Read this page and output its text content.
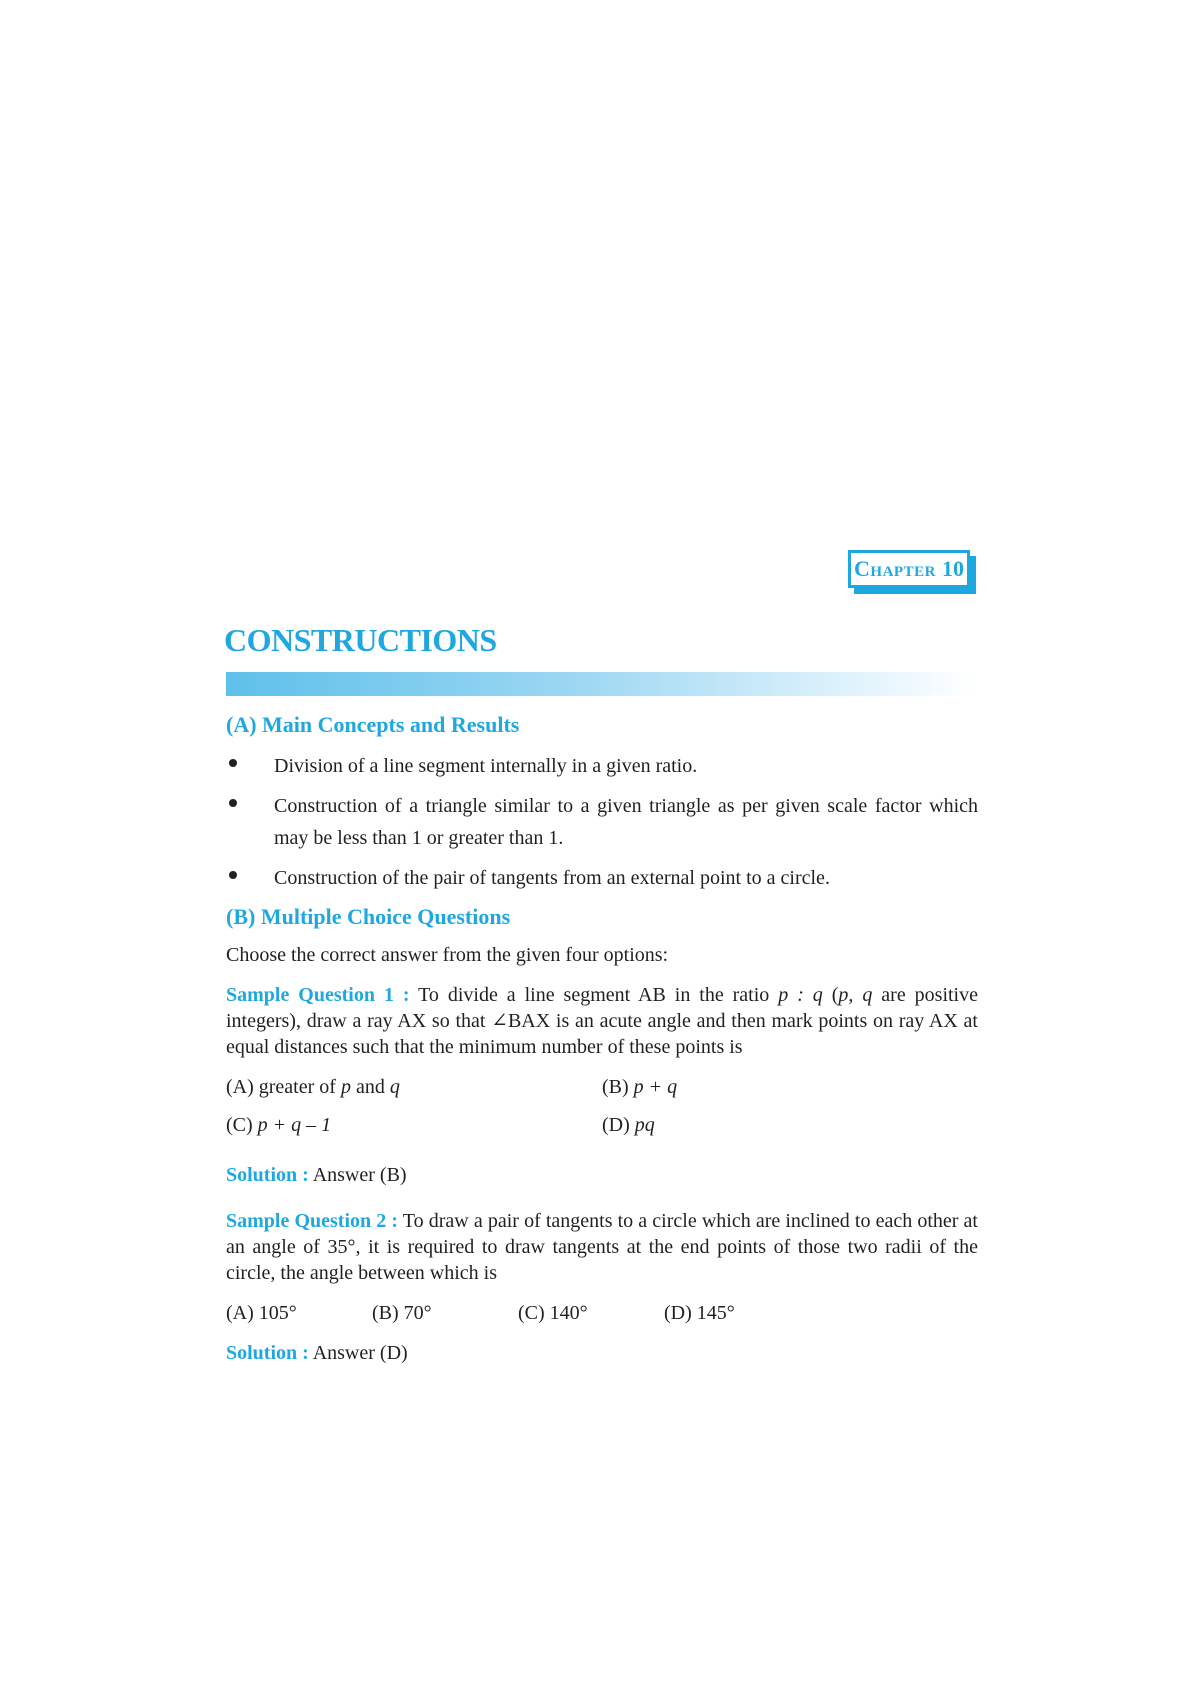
Chapter 10
CONSTRUCTIONS
(A) Main Concepts and Results
Division of a line segment internally in a given ratio.
Construction of a triangle similar to a given triangle as per given scale factor which may be less than 1 or greater than 1.
Construction of the pair of tangents from an external point to a circle.
(B) Multiple Choice Questions

Choose the correct answer from the given four options:

Sample Question 1 : To divide a line segment AB in the ratio p : q (p, q are positive integers), draw a ray AX so that ∠BAX is an acute angle and then mark points on ray AX at equal distances such that the minimum number of these points is

(A) greater of p and q	(B) p + q
(C) p + q – 1	(D) pq

Solution : Answer (B)

Sample Question 2 : To draw a pair of tangents to a circle which are inclined to each other at an angle of 35°, it is required to draw tangents at the end points of those two radii of the circle, the angle between which is

(A) 105°	(B) 70°	(C) 140°	(D) 145°

Solution : Answer (D)
